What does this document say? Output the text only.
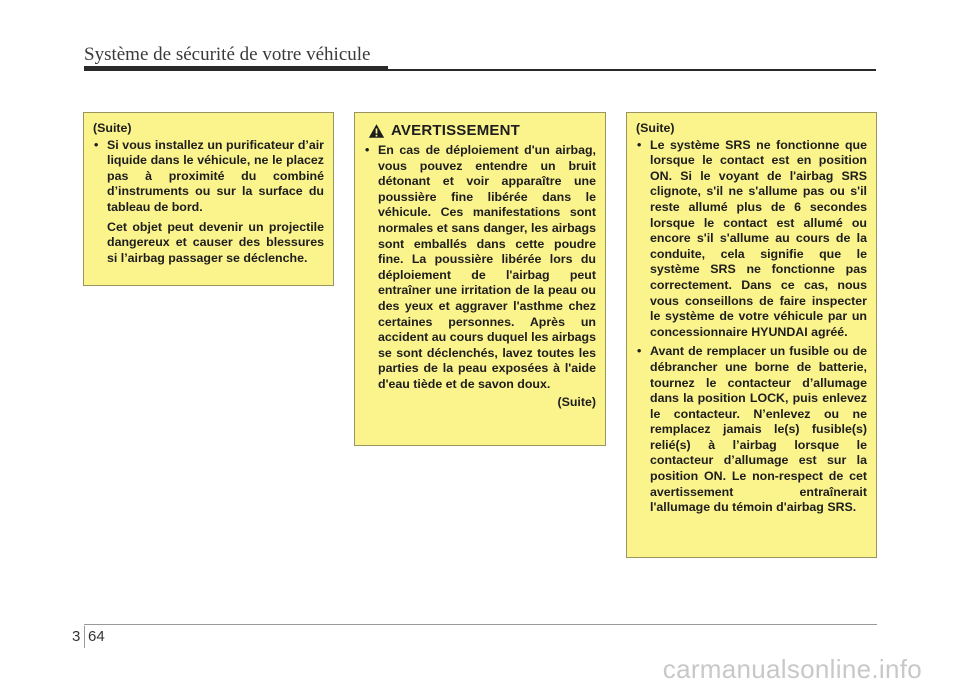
Système de sécurité de votre véhicule

(Suite)

• Si vous installez un purificateur d’air liquide dans le véhicule, ne le placez pas à proximité du combiné d’instruments ou sur la surface du tableau de bord.

Cet objet peut devenir un projectile dangereux et causer des blessures si l’airbag passager se déclenche.

AVERTISSEMENT
• En cas de déploiement d'un airbag, vous pouvez entendre un bruit détonant et voir apparaître une poussière fine libérée dans le véhicule. Ces manifestations sont normales et sans danger, les airbags sont emballés dans cette poudre fine. La poussière libérée lors du déploiement de l'airbag peut entraîner une irritation de la peau ou des yeux et aggraver l'asthme chez certaines personnes. Après un accident au cours duquel les airbags se sont déclenchés, lavez toutes les parties de la peau exposées à l'aide d'eau tiède et de savon doux.

(Suite)

(Suite)

• Le système SRS ne fonctionne que lorsque le contact est en position ON. Si le voyant de l'airbag SRS clignote, s'il ne s'allume pas ou s'il reste allumé plus de 6 secondes lorsque le contact est allumé ou encore s'il s'allume au cours de la conduite, cela signifie que le système SRS ne fonctionne pas correctement. Dans ce cas, nous vous conseillons de faire inspecter le système de votre véhicule par un concessionnaire HYUNDAI agréé.
• Avant de remplacer un fusible ou de débrancher une borne de batterie, tournez le contacteur d’allumage dans la position LOCK, puis enlevez le contacteur. N’enlevez ou ne remplacez jamais le(s) fusible(s) relié(s) à l’airbag lorsque le contacteur d’allumage est sur la position ON. Le non-respect de cet avertissement entraînerait l'allumage du témoin d'airbag SRS.
3 64
carmanualsonline.info
